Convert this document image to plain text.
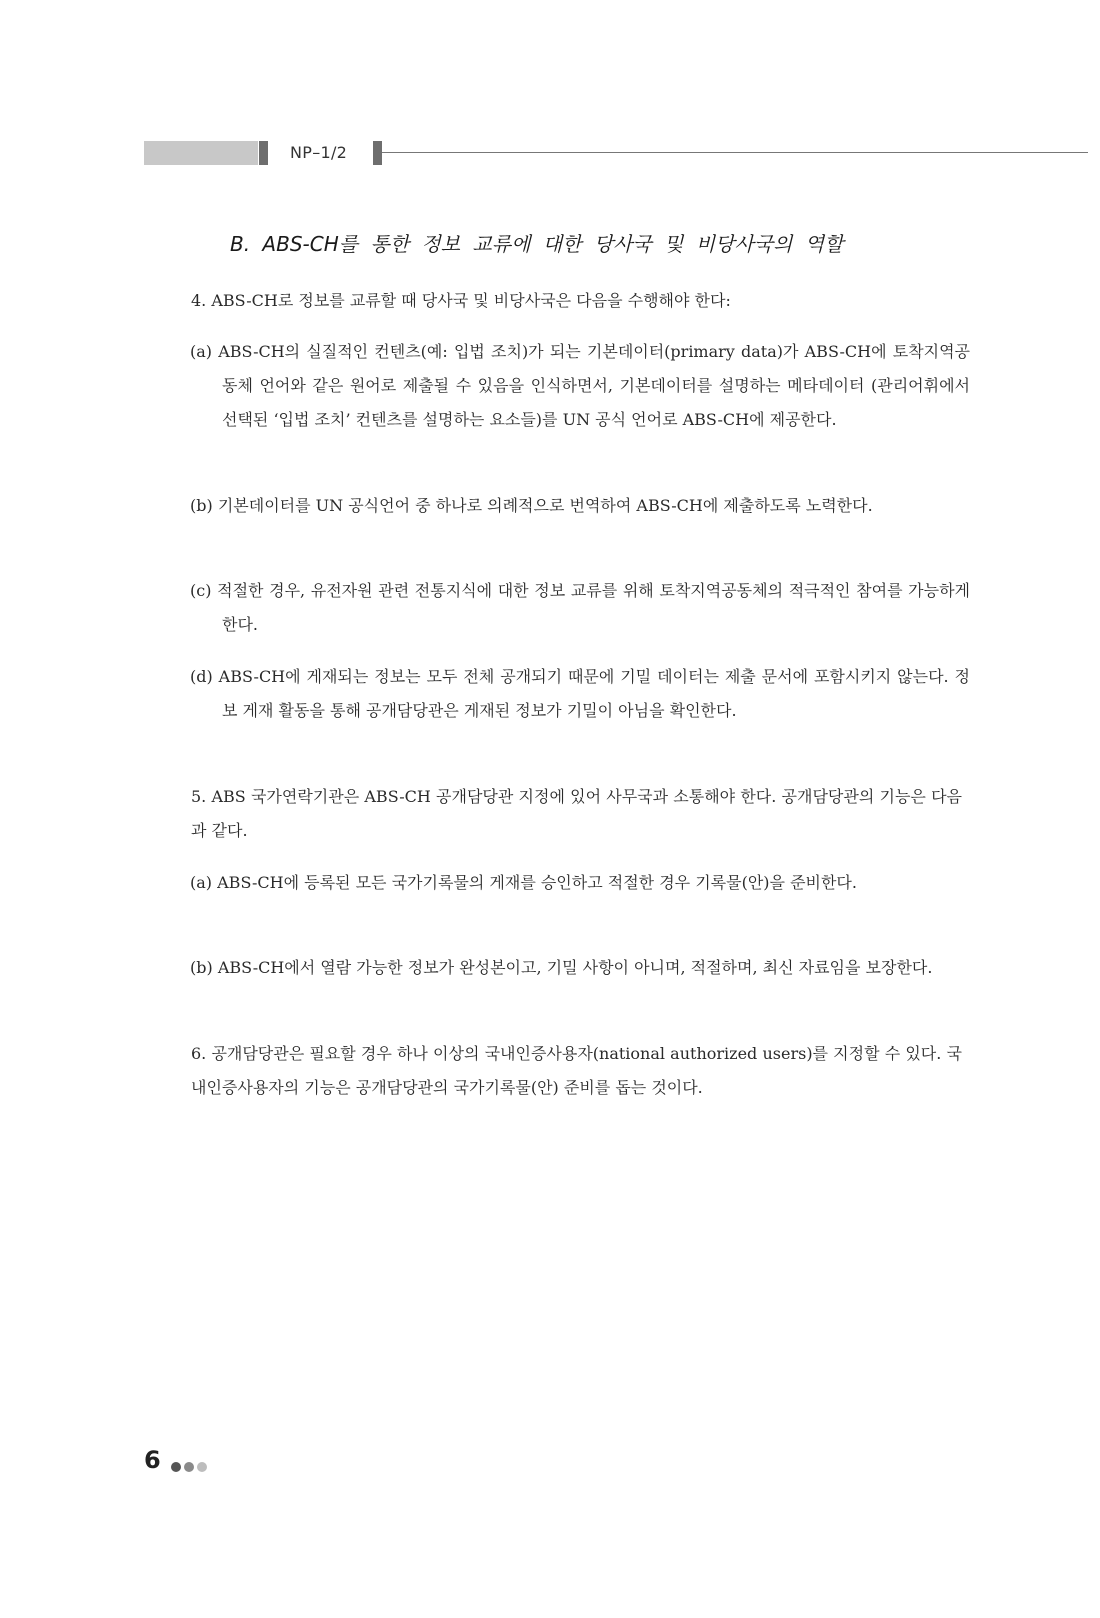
NP–1/2
B. ABS-CH를 통한 정보 교류에 대한 당사국 및 비당사국의 역할
4. ABS-CH로 정보를 교류할 때 당사국 및 비당사국은 다음을 수행해야 한다:
(a) ABS-CH의 실질적인 컨텐츠(예: 입법 조치)가 되는 기본데이터(primary data)가 ABS-CH에 토착지역공동체 언어와 같은 원어로 제출될 수 있음을 인식하면서, 기본데이터를 설명하는 메타데이터 (관리어휘에서 선택된 ‘입법 조치’ 컨텐츠를 설명하는 요소들)를 UN 공식 언어로 ABS-CH에 제공한다.
(b) 기본데이터를 UN 공식언어 중 하나로 의례적으로 번역하여 ABS-CH에 제출하도록 노력한다.
(c) 적절한 경우, 유전자원 관련 전통지식에 대한 정보 교류를 위해 토착지역공동체의 적극적인 참여를 가능하게 한다.
(d) ABS-CH에 게재되는 정보는 모두 전체 공개되기 때문에 기밀 데이터는 제출 문서에 포함시키지 않는다. 정보 게재 활동을 통해 공개담당관은 게재된 정보가 기밀이 아님을 확인한다.
5. ABS 국가연락기관은 ABS-CH 공개담당관 지정에 있어 사무국과 소통해야 한다. 공개담당관의 기능은 다음과 같다.
(a) ABS-CH에 등록된 모든 국가기록물의 게재를 승인하고 적절한 경우 기록물(안)을 준비한다.
(b) ABS-CH에서 열람 가능한 정보가 완성본이고, 기밀 사항이 아니며, 적절하며, 최신 자료임을 보장한다.
6. 공개담당관은 필요할 경우 하나 이상의 국내인증사용자(national authorized users)를 지정할 수 있다. 국내인증사용자의 기능은 공개담당관의 국가기록물(안) 준비를 돕는 것이다.
6
